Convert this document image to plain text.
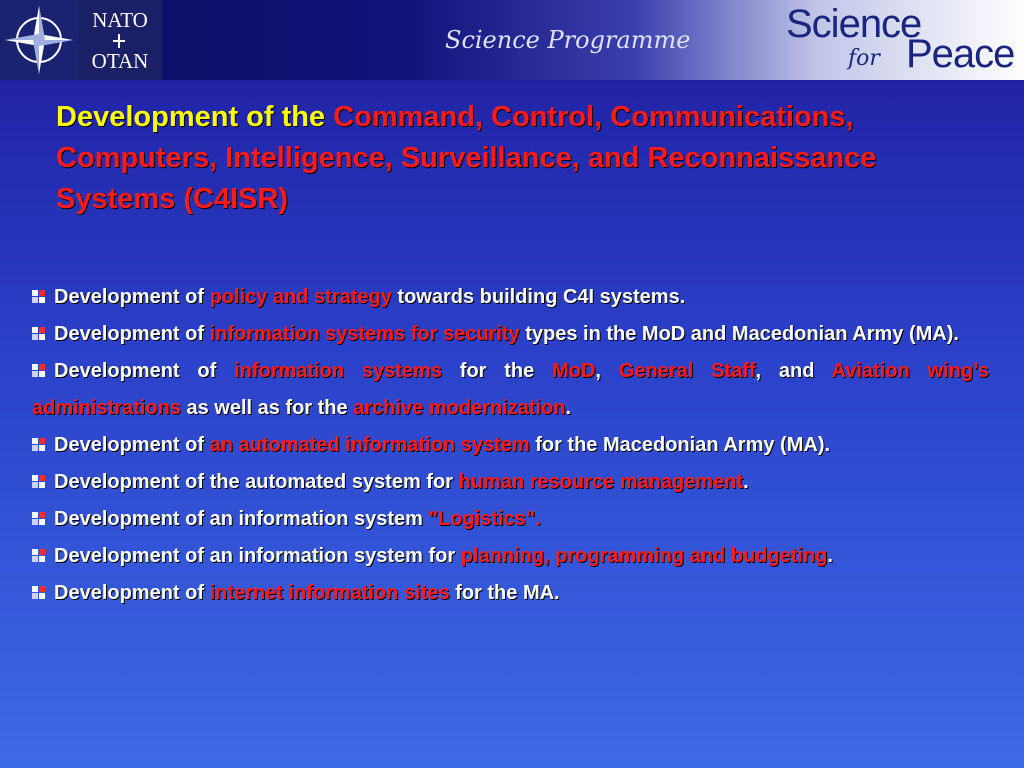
NATO
OTAN
Science Programme Science
for Peace
Development of the Command, Control, Communications, Computers, Intelligence, Surveillance, and Reconnaissance Systems (C4ISR)
Development of policy and strategy towards building C4I systems.
Development of information systems for security types in the MoD and Macedonian Army (MA).
Development of information systems for the MoD, General Staff, and Aviation wing’s administrations as well as for the archive modernization.
Development of an automated information system for the Macedonian Army (MA).
Development of the automated system for human resource management.
Development of an information system "Logistics".
Development of an information system for planning, programming and budgeting.
Development of internet information sites for the MA.
